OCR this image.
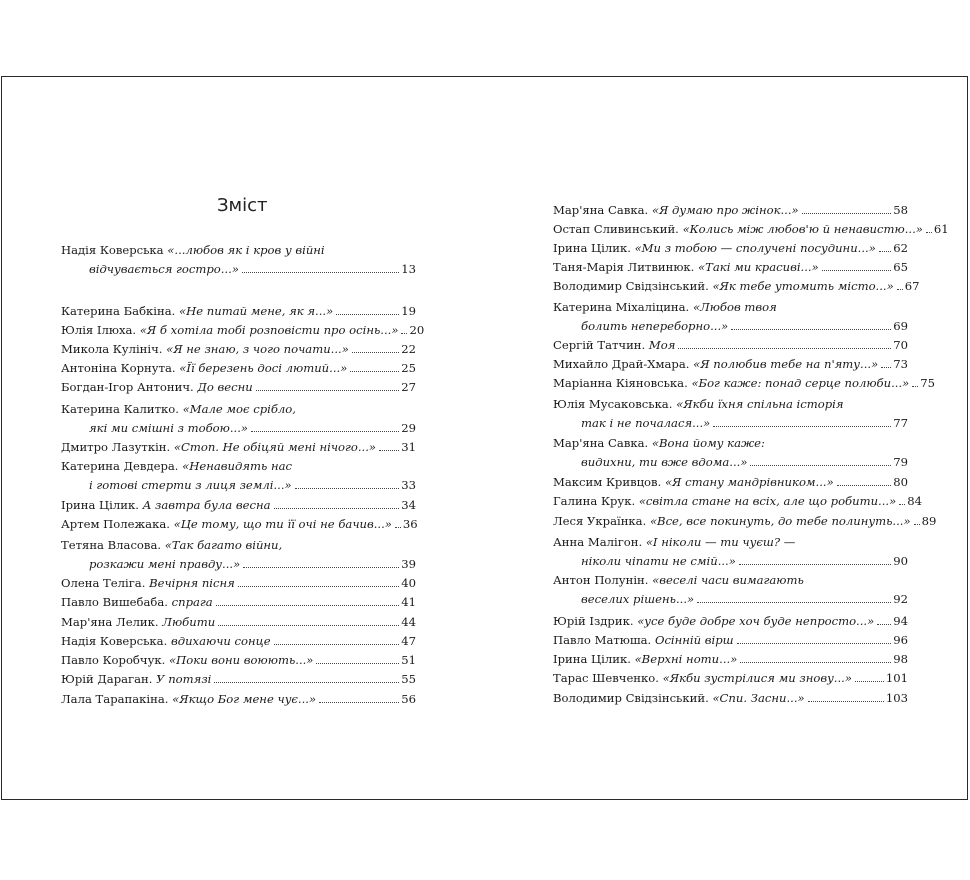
Зміст
Надія Коверська
«...любов як і кров у війні
відчувається гостро...»	13
Катерина Бабкіна.
«Не питай мене, як я...»	19
Юлія Ілюха.
«Я б хотіла тобі розповісти про осінь...» 20
Микола Кулініч.
«Я не знаю, з чого почати...»	22
Антоніна Корнута.
«Її березень досі лютий...»	25
Богдан-Ігор Антонич.
До весни	27
Катерина Калитко.
«Мале моє срібло,
які ми смішні з тобою...»	29
Дмитро Лазуткін.
«Стоп. Не обіцяй мені нічого...» 31
Катерина Девдера.
«Ненавидять нас
і готові стерти з лиця землі...»	33
Ірина Цілик.
А завтра була весна	34
Артем Полежака.
«Це тому, що ти її очі не бачив...» 36
Тетяна Власова.
«Так багато війни,
розкажи мені правду...»	39
Олена Теліга.
Вечірня пісня	40
Павло Вишебаба.
спрага	41
Мар'яна Лелик.
Любити	44
Надія Коверська.
вдихаючи сонце	47
Павло Коробчук.
«Поки вони воюють...»	51
Юрій Дараган.
У потязі	55
Лала Тарапакіна.
«Якщо Бог мене чує...»	56
Мар'яна Савка.
«Я думаю про жінок...»	58
Остап Сливинський.
«Колись між любов'ю й ненавистю...» 61
Ірина Цілик.
«Ми з тобою — сполучені посудини...» 62
Таня-Марія Литвинюк.
«Такі ми красиві...»	65
Володимир Свідзінський.
«Як тебе утомить місто...» 67
Катерина Міхаліцина.
«Любов твоя
болить непереборно...»	69
Сергій Татчин.
Моя	70
Михайло Драй-Хмара.
«Я полюбив тебе на п'яту...» 73
Маріанна Кіяновська.
«Бог каже: понад серце полюби...» 75
Юлія Мусаковська.
«Якби їхня спільна історія
так і не почалася...»	77
Мар'яна Савка.
«Вона йому каже:
видихни, ти вже вдома...»	79
Максим Кривцов.
«Я стану мандрівником...»	80
Галина Крук.
«світла стане на всіх, але що робити...» 84
Леся Українка.
«Все, все покинуть, до тебе полинуть...» 89
Анна Малігон.
«І ніколи — ти чуєш? —
ніколи чіпати не смій...»	90
Антон Полунін.
«веселі часи вимагають
веселих рішень...»	92
Юрій Іздрик.
«усе буде добре хоч буде непросто...» 94
Павло Матюша.
Осінній вірш	96
Ірина Цілик.
«Верхні ноти...»	98
Тарас Шевченко.
«Якби зустрілися ми знову...»	101
Володимир Свідзінський.
«Спи. Засни...»	103
